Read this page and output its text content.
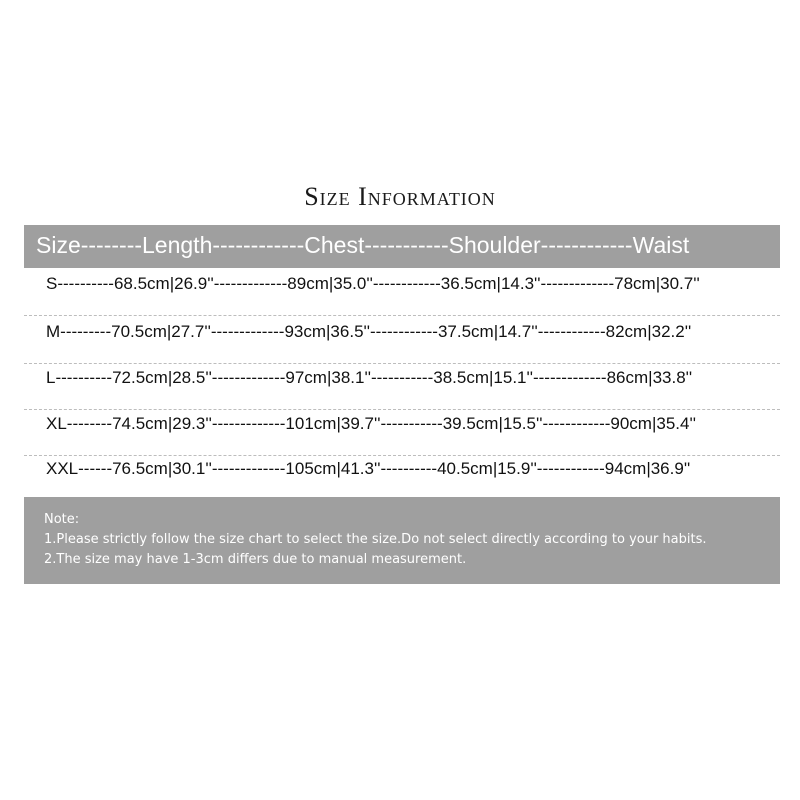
Size Information
Size--------Length------------Chest-----------Shoulder------------Waist
S----------68.5cm|26.9''-------------89cm|35.0''------------36.5cm|14.3''-------------78cm|30.7''
M---------70.5cm|27.7''-------------93cm|36.5''------------37.5cm|14.7''------------82cm|32.2''
L----------72.5cm|28.5''-------------97cm|38.1''-----------38.5cm|15.1''-------------86cm|33.8''
XL--------74.5cm|29.3''-------------101cm|39.7''-----------39.5cm|15.5''------------90cm|35.4''
XXL------76.5cm|30.1''-------------105cm|41.3''----------40.5cm|15.9''------------94cm|36.9''
Note:
1.Please strictly follow the size chart to select the size.Do not select directly according to your habits.
2.The size may have 1-3cm differs due to manual measurement.
